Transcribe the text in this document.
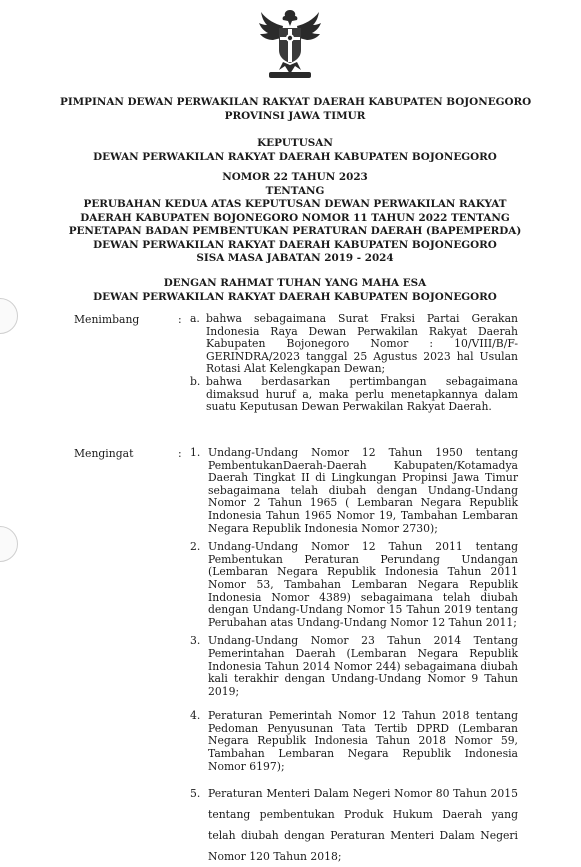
PIMPINAN DEWAN PERWAKILAN RAKYAT DAERAH KABUPATEN BOJONEGORO
PROVINSI JAWA TIMUR
KEPUTUSAN
DEWAN PERWAKILAN RAKYAT DAERAH KABUPATEN BOJONEGORO
NOMOR 22 TAHUN 2023
TENTANG
PERUBAHAN KEDUA ATAS KEPUTUSAN DEWAN PERWAKILAN RAKYAT
DAERAH KABUPATEN BOJONEGORO NOMOR 11 TAHUN 2022 TENTANG
PENETAPAN BADAN PEMBENTUKAN PERATURAN DAERAH (BAPEMPERDA)
DEWAN PERWAKILAN RAKYAT DAERAH KABUPATEN BOJONEGORO
SISA MASA JABATAN 2019 - 2024
DENGAN RAHMAT TUHAN YANG MAHA ESA
DEWAN PERWAKILAN RAKYAT DAERAH KABUPATEN BOJONEGORO
Menimbang	: a. bahwa sebagaimana Surat Fraksi Partai Gerakan Indonesia Raya Dewan Perwakilan Rakyat Daerah Kabupaten Bojonegoro Nomor : 10/VIII/B/F-GERINDRA/2023 tanggal 25 Agustus 2023 hal Usulan Rotasi Alat Kelengkapan Dewan;
b. bahwa berdasarkan pertimbangan sebagaimana dimaksud huruf a, maka perlu menetapkannya dalam suatu Keputusan Dewan Perwakilan Rakyat Daerah.
Mengingat	: 1. Undang-Undang Nomor 12 Tahun 1950 tentang PembentukanDaerah-Daerah Kabupaten/Kotamadya Daerah Tingkat II di Lingkungan Propinsi Jawa Timur sebagaimana telah diubah dengan Undang-Undang Nomor 2 Tahun 1965 ( Lembaran Negara Republik Indonesia Tahun 1965 Nomor 19, Tambahan Lembaran Negara Republik Indonesia Nomor 2730);
2. Undang-Undang Nomor 12 Tahun 2011 tentang Pembentukan Peraturan Perundang Undangan (Lembaran Negara Republik Indonesia Tahun 2011 Nomor 53, Tambahan Lembaran Negara Republik Indonesia Nomor 4389) sebagaimana telah diubah dengan Undang-Undang Nomor 15 Tahun 2019 tentang Perubahan atas Undang-Undang Nomor 12 Tahun 2011;
3. Undang-Undang Nomor 23 Tahun 2014 Tentang Pemerintahan Daerah (Lembaran Negara Republik Indonesia Tahun 2014 Nomor 244) sebagaimana diubah kali terakhir dengan Undang-Undang Nomor 9 Tahun 2019;
4. Peraturan Pemerintah Nomor 12 Tahun 2018 tentang Pedoman Penyusunan Tata Tertib DPRD (Lembaran Negara Republik Indonesia Tahun 2018 Nomor 59, Tambahan Lembaran Negara Republik Indonesia Nomor 6197);
5. Peraturan Menteri Dalam Negeri Nomor 80 Tahun 2015 tentang pembentukan Produk Hukum Daerah yang telah diubah dengan Peraturan Menteri Dalam Negeri Nomor 120 Tahun 2018;
